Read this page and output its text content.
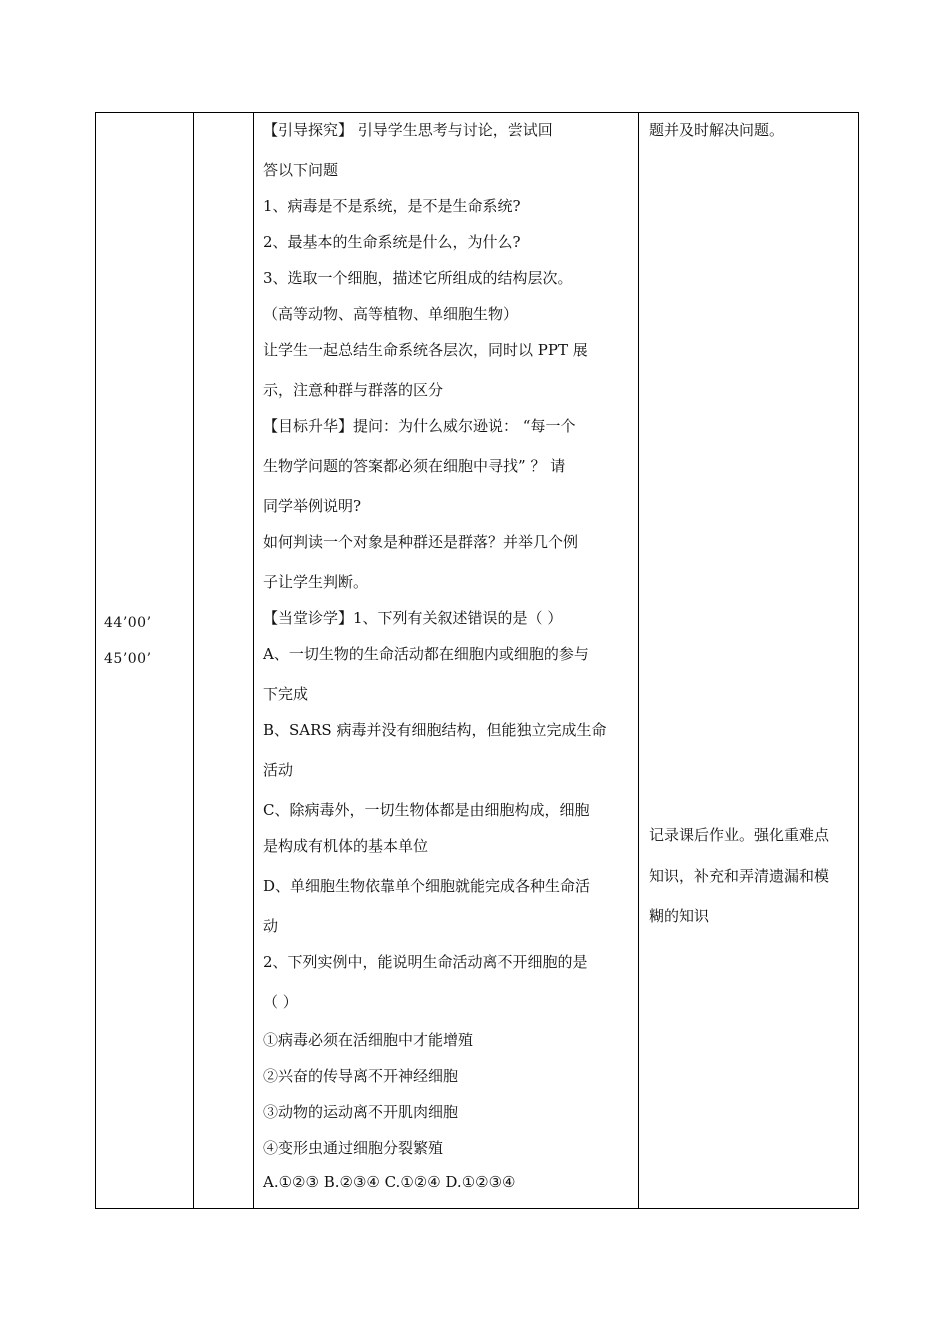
44’00’
45’00’
【引导探究】 引导学生思考与讨论，尝试回
答以下问题
1、病毒是不是系统，是不是生命系统?
2、最基本的生命系统是什么，为什么?
3、选取一个细胞，描述它所组成的结构层次。
（高等动物、高等植物、单细胞生物）
让学生一起总结生命系统各层次，同时以 PPT 展
示，注意种群与群落的区分
【目标升华】提问：为什么威尔逊说： “每一个
生物学问题的答案都必须在细胞中寻找” ？ 请
同学举例说明?
如何判读一个对象是种群还是群落？并举几个例
子让学生判断。
【当堂诊学】1、下列有关叙述错误的是（ ）
A、一切生物的生命活动都在细胞内或细胞的参与
下完成
B、SARS 病毒并没有细胞结构，但能独立完成生命
活动
C、除病毒外，一切生物体都是由细胞构成，细胞
是构成有机体的基本单位
D、单细胞生物依靠单个细胞就能完成各种生命活
动
2、下列实例中，能说明生命活动离不开细胞的是
（ ）
①病毒必须在活细胞中才能增殖
②兴奋的传导离不开神经细胞
③动物的运动离不开肌肉细胞
④变形虫通过细胞分裂繁殖
A.①②③ B.②③④ C.①②④ D.①②③④
题并及时解决问题。
记录课后作业。强化重难点
知识，补充和弄清遗漏和模
糊的知识
